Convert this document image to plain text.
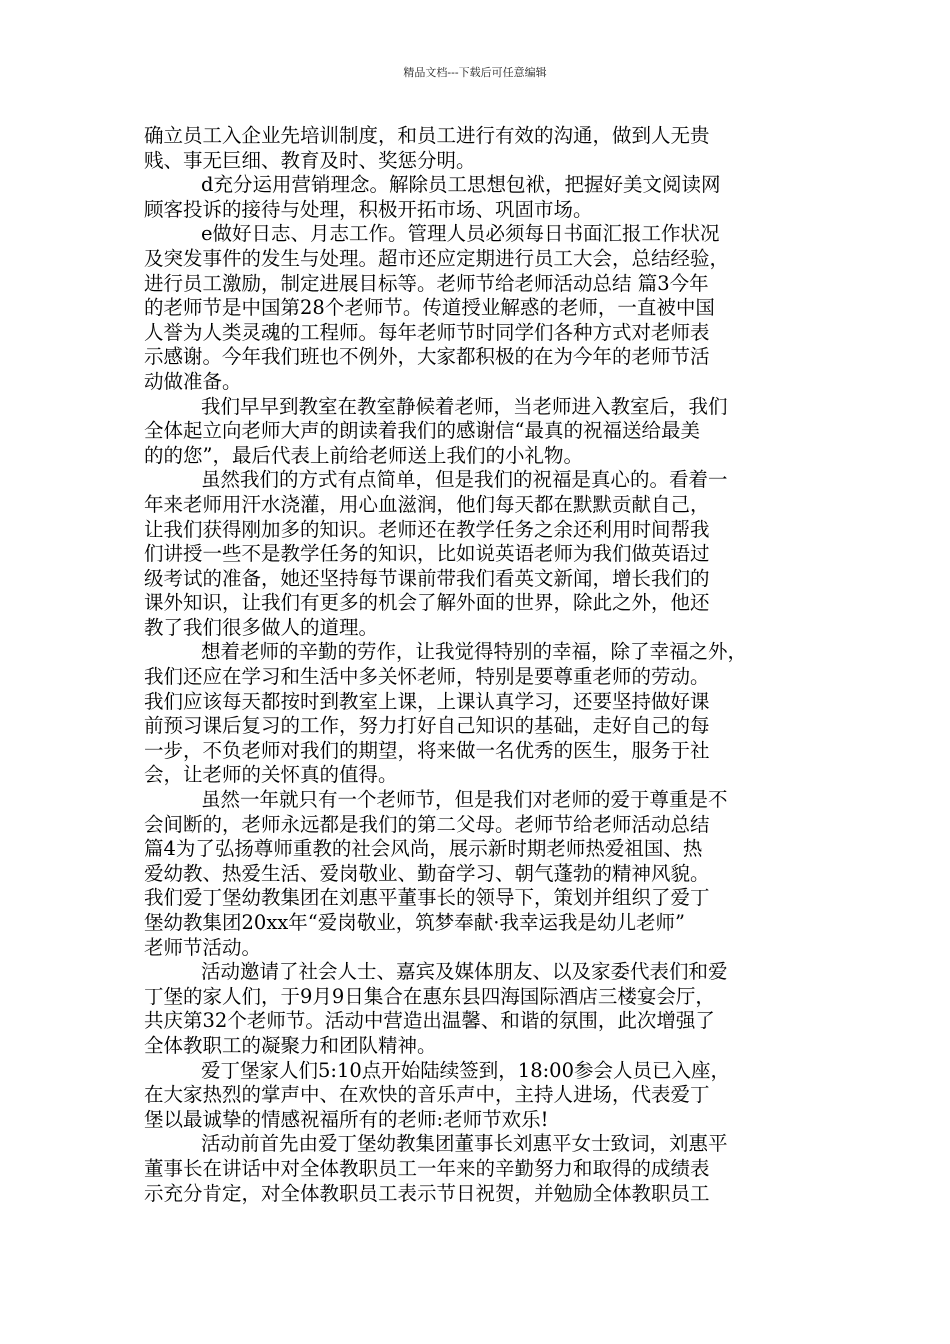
精品文档---下载后可任意编辑
确立员工入企业先培训制度，和员工进行有效的沟通，做到人无贵
贱、事无巨细、教育及时、奖惩分明。
d充分运用营销理念。解除员工思想包袱，把握好美文阅读网
顾客投诉的接待与处理，积极开拓市场、巩固市场。
e做好日志、月志工作。管理人员必须每日书面汇报工作状况
及突发事件的发生与处理。超市还应定期进行员工大会，总结经验，
进行员工激励，制定进展目标等。老师节给老师活动总结 篇3今年
的老师节是中国第28个老师节。传道授业解惑的老师，一直被中国
人誉为人类灵魂的工程师。每年老师节时同学们各种方式对老师表
示感谢。今年我们班也不例外，大家都积极的在为今年的老师节活
动做准备。
我们早早到教室在教室静候着老师，当老师进入教室后，我们
全体起立向老师大声的朗读着我们的感谢信“最真的祝福送给最美
的的您”，最后代表上前给老师送上我们的小礼物。
虽然我们的方式有点简单，但是我们的祝福是真心的。看着一
年来老师用汗水浇灌，用心血滋润，他们每天都在默默贡献自己，
让我们获得刚加多的知识。老师还在教学任务之余还利用时间帮我
们讲授一些不是教学任务的知识，比如说英语老师为我们做英语过
级考试的准备，她还坚持每节课前带我们看英文新闻，增长我们的
课外知识，让我们有更多的机会了解外面的世界，除此之外，他还
教了我们很多做人的道理。
想着老师的辛勤的劳作，让我觉得特别的幸福，除了幸福之外，
我们还应在学习和生活中多关怀老师，特别是要尊重老师的劳动。
我们应该每天都按时到教室上课，上课认真学习，还要坚持做好课
前预习课后复习的工作，努力打好自己知识的基础，走好自己的每
一步，不负老师对我们的期望，将来做一名优秀的医生，服务于社
会，让老师的关怀真的值得。
虽然一年就只有一个老师节，但是我们对老师的爱于尊重是不
会间断的，老师永远都是我们的第二父母。老师节给老师活动总结
篇4为了弘扬尊师重教的社会风尚，展示新时期老师热爱祖国、热
爱幼教、热爱生活、爱岗敬业、勤奋学习、朝气蓬勃的精神风貌。
我们爱丁堡幼教集团在刘惠平董事长的领导下，策划并组织了爱丁
堡幼教集团20xx年“爱岗敬业，筑梦奉献·我幸运我是幼儿老师”
老师节活动。
活动邀请了社会人士、嘉宾及媒体朋友、以及家委代表们和爱
丁堡的家人们，于9月9日集合在惠东县四海国际酒店三楼宴会厅，
共庆第32个老师节。活动中营造出温馨、和谐的氛围，此次增强了
全体教职工的凝聚力和团队精神。
爱丁堡家人们5:10点开始陆续签到，18:00参会人员已入座，
在大家热烈的掌声中、在欢快的音乐声中，主持人进场，代表爱丁
堡以最诚挚的情感祝福所有的老师:老师节欢乐!
活动前首先由爱丁堡幼教集团董事长刘惠平女士致词，刘惠平
董事长在讲话中对全体教职员工一年来的辛勤努力和取得的成绩表
示充分肯定，对全体教职员工表示节日祝贺，并勉励全体教职员工
